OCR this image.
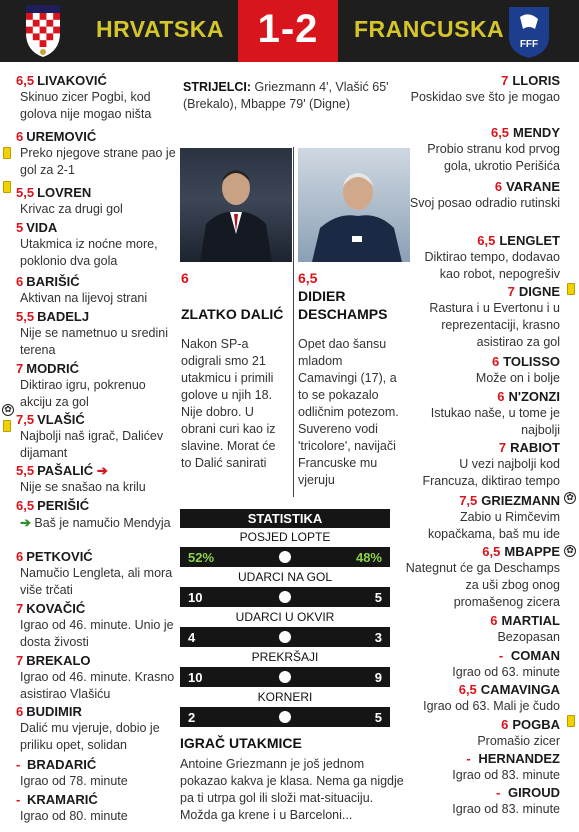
HRVATSKA 1-2	FRANCUSKA
FFF
6,5 LIVAKOVIĆ
Skinuo zicer Pogbi, kod golova nije mogao ništa
6 UREMOVIĆ
Preko njegove strane pao je gol za 2-1
5,5 LOVREN
Krivac za drugi gol
5 VIDA
Utakmica iz noćne more, poklonio dva gola
6 BARIŠIĆ
Aktivan na lijevoj strani
5,5 BADELJ
Nije se nametnuo u sredini terena
7 MODRIĆ
Diktirao igru, pokrenuo akciju za gol
7,5 VLAŠIĆ
Najbolji naš igrač, Dalićev dijamant
5,5 PAŠALIĆ ➔
Nije se snašao na krilu
6,5 PERIŠIĆ
➔ Baš je namučio Mendyja
6 PETKOVIĆ
Namučio Lengleta, ali mora više trčati
7 KOVAČIĆ
Igrao od 46. minute. Unio je dosta živosti
7 BREKALO
Igrao od 46. minute. Krasno asistirao Vlašiću
6 BUDIMIR
Dalić mu vjeruje, dobio je priliku opet, solidan
- BRADARIĆ
Igrao od 78. minute
- KRAMARIĆ
Igrao od 80. minute
✿
STRIJELCI: Griezmann 4', Vlašić 65' (Brekalo), Mbappe 79' (Digne)
6
ZLATKO DALIĆ
Nakon SP-a odigrali smo 21 utakmicu i primili golove u njih 18. Nije dobro. U obrani curi kao iz slavine. Morat će to Dalić sanirati
6,5
DIDIER DESCHAMPS
Opet dao šansu mladom Camavingi (17), a to se pokazalo odličnim potezom. Suvereno vodi 'tricolore', navijači Francuske mu vjeruju
STATISTIKA
POSJED LOPTE
52%	48%
UDARCI NA GOL
10	5
UDARCI U OKVIR
4	3
PREKRŠAJI
10	9
KORNERI
2	5
IGRAČ UTAKMICE
Antoine Griezmann je još jednom pokazao kakva je klasa. Nema ga nigdje pa ti utrpa gol ili složi mat-situaciju. Možda ga krene i u Barceloni...
7 LLORIS
Poskidao sve što je mogao
6,5 MENDY
Probio stranu kod prvog gola, ukrotio Perišića
6 VARANE
Svoj posao odradio rutinski
6,5 LENGLET
Diktirao tempo, dodavao kao robot, nepogrešiv
7 DIGNE
Rastura i u Evertonu i u reprezentaciji, krasno asistirao za gol
6 TOLISSO
Može on i bolje
6 N'ZONZI
Istukao naše, u tome je najbolji
7 RABIOT
U vezi najbolji kod Francuza, diktirao tempo
7,5 GRIEZMANN
Zabio u Rimčevim kopačkama, baš mu ide
6,5 MBAPPE
Nategnut će ga Deschamps za uši zbog onog promašenog zicera
6 MARTIAL
Bezopasan
- COMAN
Igrao od 63. minute
6,5 CAMAVINGA
Igrao od 63. Mali je čudo
6 POGBA
Promašio zicer
- HERNANDEZ
Igrao od 83. minute
- GIROUD
Igrao od 83. minute
✿
✿
